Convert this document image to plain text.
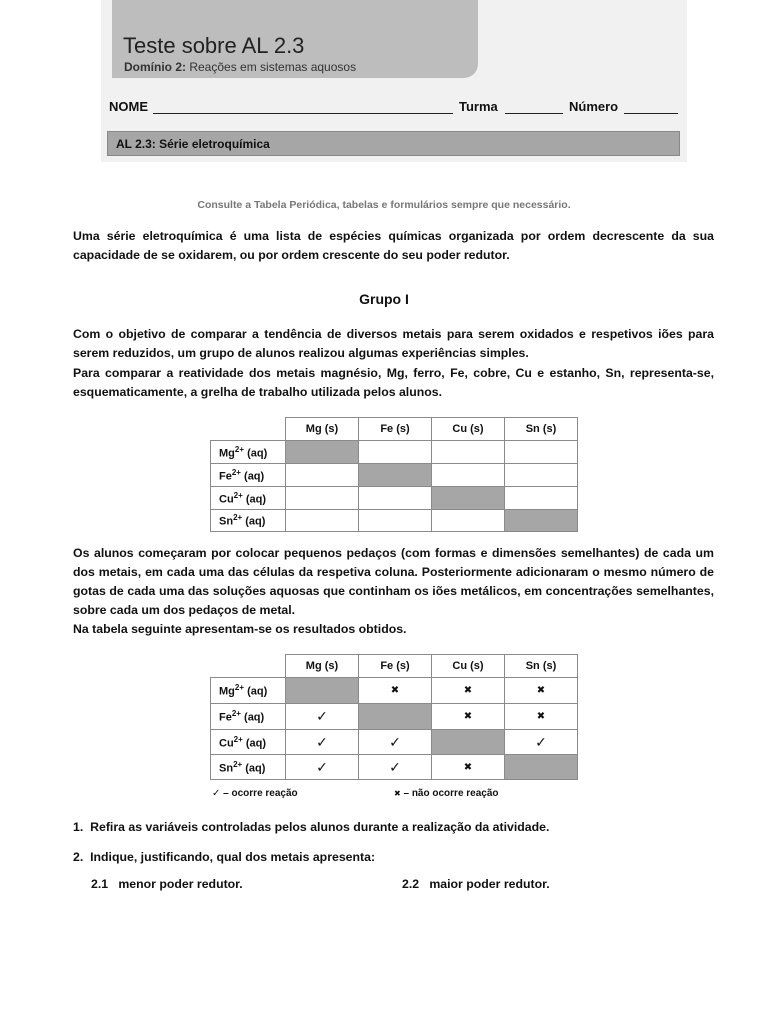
Teste sobre AL 2.3
Domínio 2: Reações em sistemas aquosos
NOME	Turma	Número
AL 2.3: Série eletroquímica
Consulte a Tabela Periódica, tabelas e formulários sempre que necessário.

Uma série eletroquímica é uma lista de espécies químicas organizada por ordem decrescente da sua capacidade de se oxidarem, ou por ordem crescente do seu poder redutor.

Grupo I

Com o objetivo de comparar a tendência de diversos metais para serem oxidados e respetivos iões para serem reduzidos, um grupo de alunos realizou algumas experiências simples.

Para comparar a reatividade dos metais magnésio, Mg, ferro, Fe, cobre, Cu e estanho, Sn, representa-se, esquematicamente, a grelha de trabalho utilizada pelos alunos.

	Mg (s)	Fe (s)	Cu (s)	Sn (s)
$Mg^{2+}$ (aq)				
$Fe^{2+}$ (aq)				
$Cu^{2+}$ (aq)				
$Sn^{2+}$ (aq)				

Os alunos começaram por colocar pequenos pedaços (com formas e dimensões semelhantes) de cada um dos metais, em cada uma das células da respetiva coluna. Posteriormente adicionaram o mesmo número de gotas de cada uma das soluções aquosas que continham os iões metálicos, em concentrações semelhantes, sobre cada um dos pedaços de metal.

Na tabela seguinte apresentam-se os resultados obtidos.

	Mg (s)	Fe (s)	Cu (s)	Sn (s)
$Mg^{2+}$ (aq)		✖	✖	✖
$Fe^{2+}$ (aq)	✓		✖	✖
$Cu^{2+}$ (aq)	✓	✓		✓
$Sn^{2+}$ (aq)	✓	✓	✖	
✓ – ocorre reação	✖ – não ocorre reação
1. Refira as variáveis controladas pelos alunos durante a realização da atividade.
2. Indique, justificando, qual dos metais apresenta:
2.1 menor poder redutor.	2.2 maior poder redutor.
